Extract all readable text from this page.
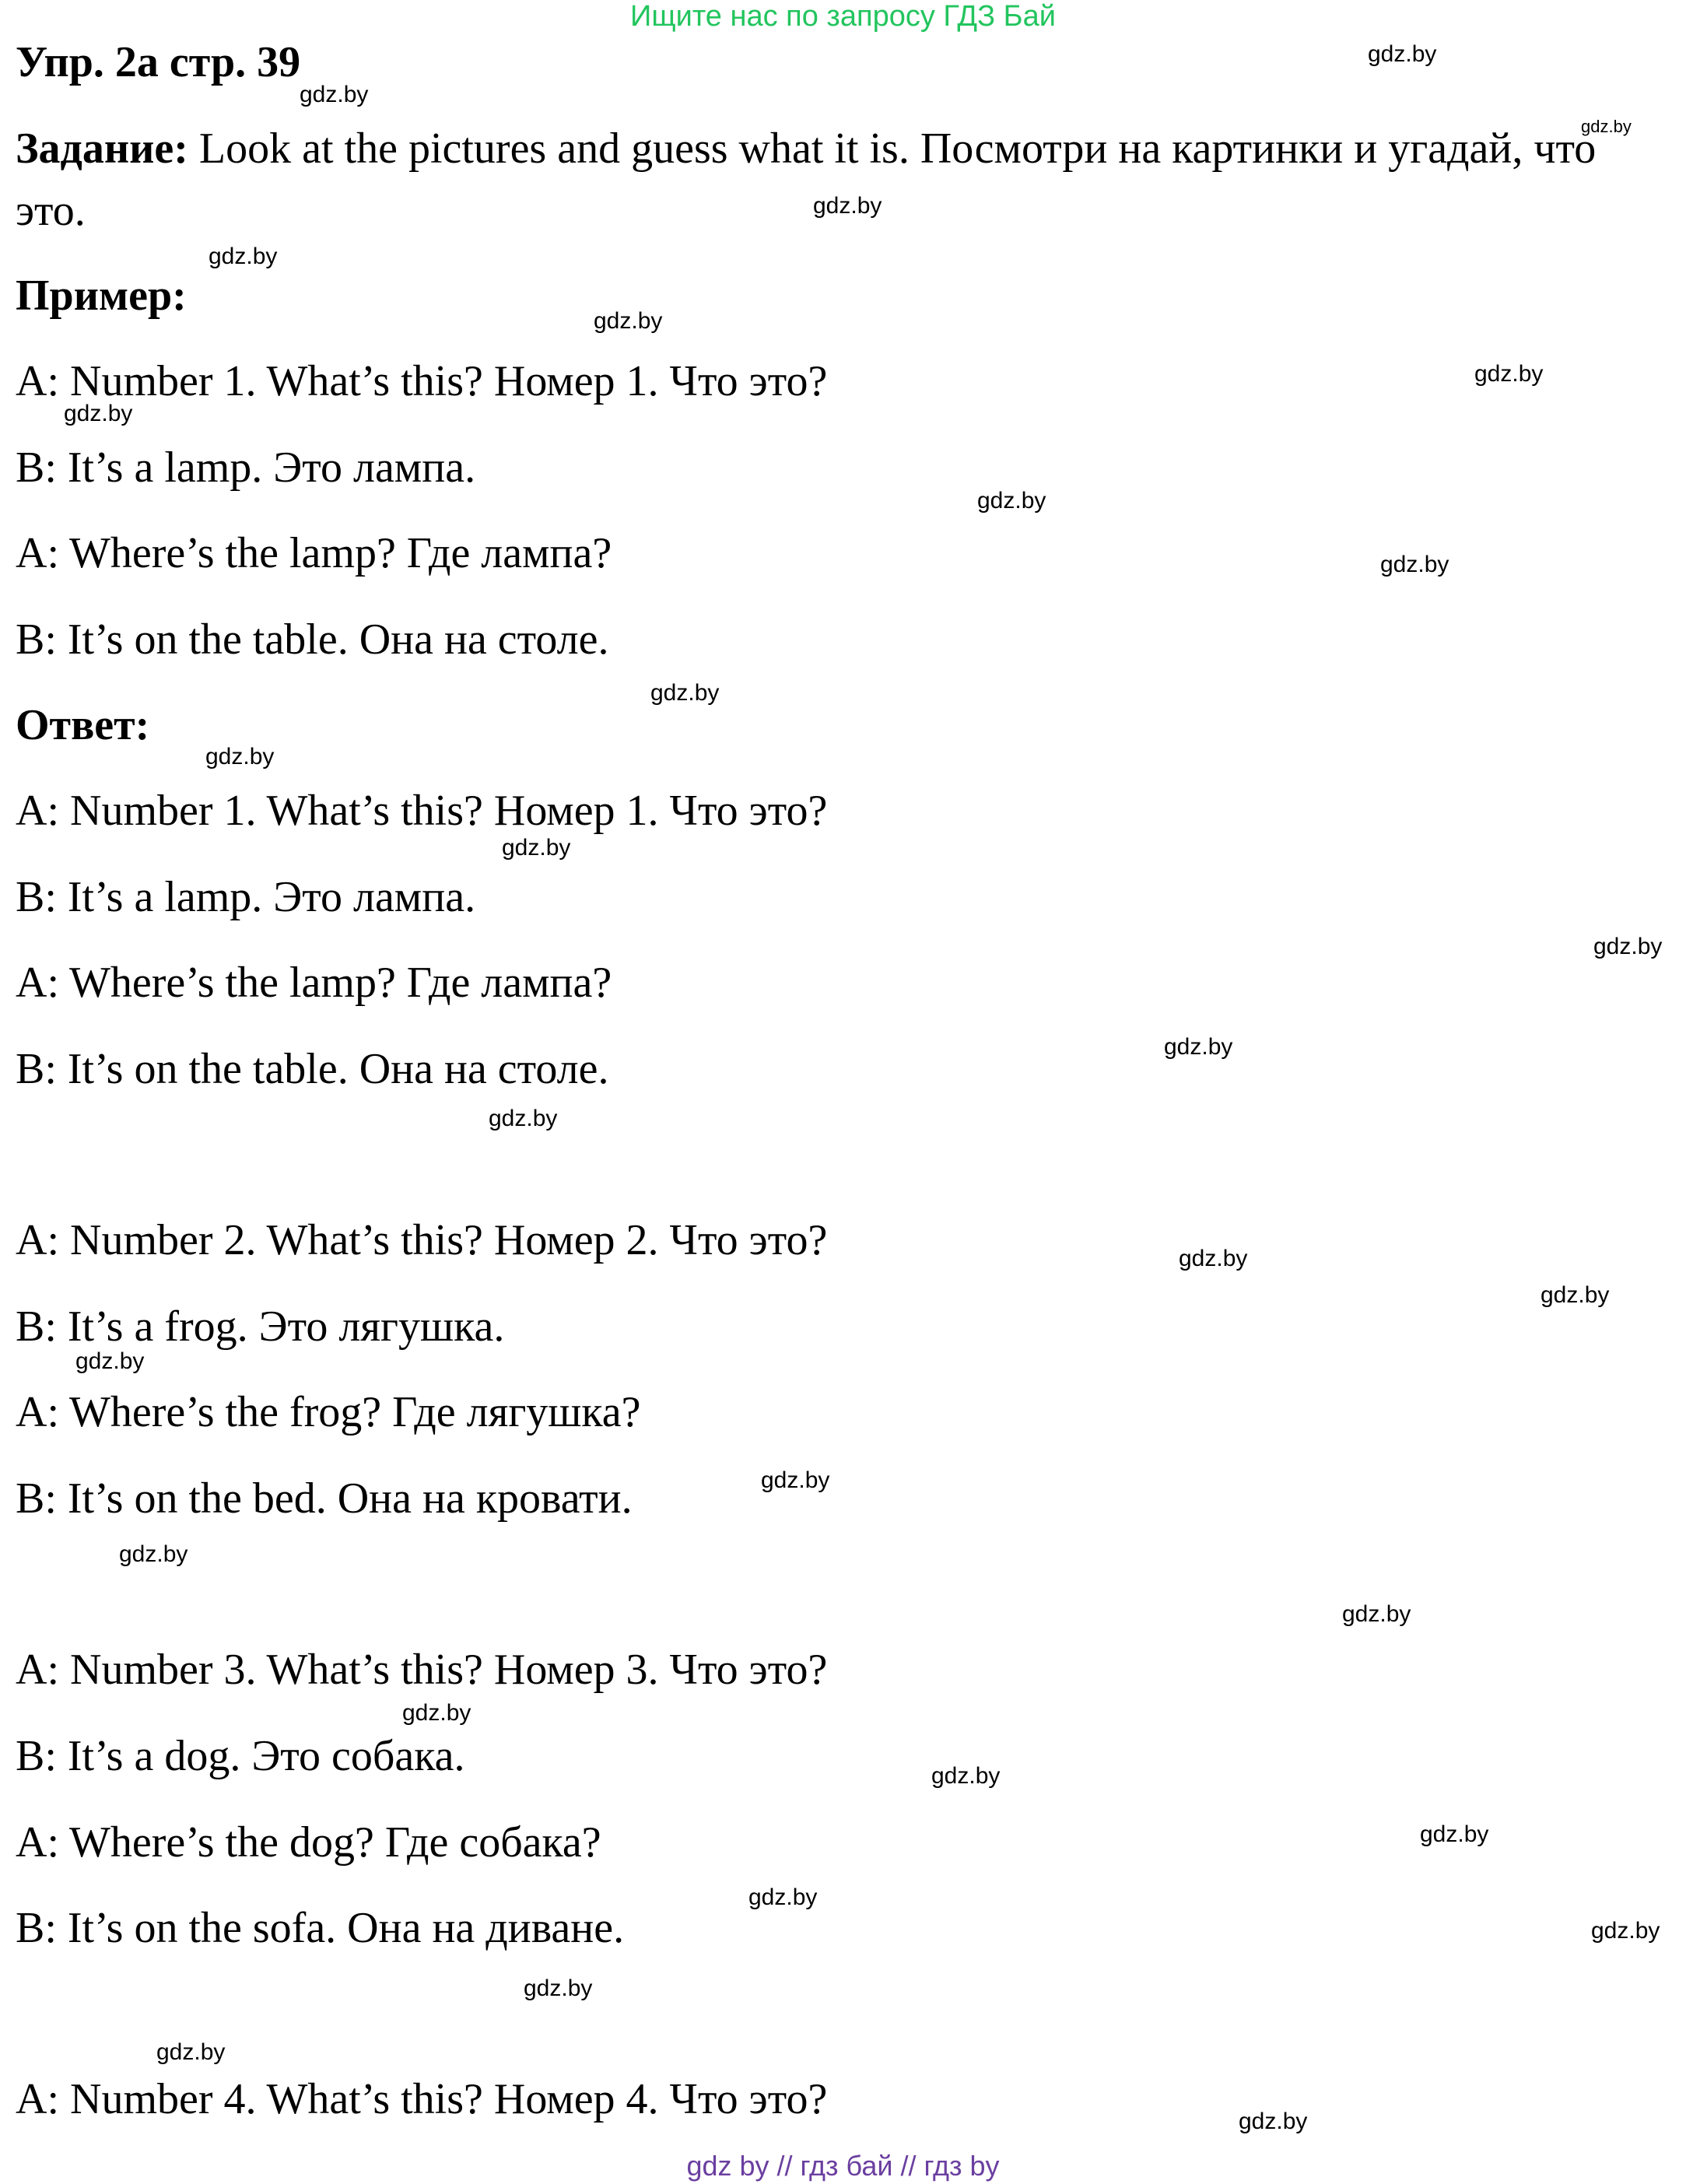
Ищите нас по запросу ГДЗ Бай
Упр. 2а стр. 39
Задание: Look at the pictures and guess what it is. Посмотри на картинки и угадай, что
это.
Пример:
A: Number 1. What’s this? Номер 1. Что это?
B: It’s a lamp. Это лампа.
A: Where’s the lamp? Где лампа?
B: It’s on the table. Она на столе.
Ответ:
A: Number 1. What’s this? Номер 1. Что это?
B: It’s a lamp. Это лампа.
A: Where’s the lamp? Где лампа?
B: It’s on the table. Она на столе.
A: Number 2. What’s this? Номер 2. Что это?
B: It’s a frog. Это лягушка.
A: Where’s the frog? Где лягушка?
B: It’s on the bed. Она на кровати.
A: Number 3. What’s this? Номер 3. Что это?
B: It’s a dog. Это собака.
A: Where’s the dog? Где собака?
B: It’s on the sofa. Она на диване.
A: Number 4. What’s this? Номер 4. Что это?
gdz.by
gdz.by
gdz.by
gdz.by
gdz.by
gdz.by
gdz.by
gdz.by
gdz.by
gdz.by
gdz.by
gdz.by
gdz.by
gdz.by
gdz.by
gdz.by
gdz.by
gdz.by
gdz.by
gdz.by
gdz.by
gdz.by
gdz.by
gdz.by
gdz.by
gdz.by
gdz.by
gdz.by
gdz.by
gdz.by
gdz by // гдз бай // гдз by
